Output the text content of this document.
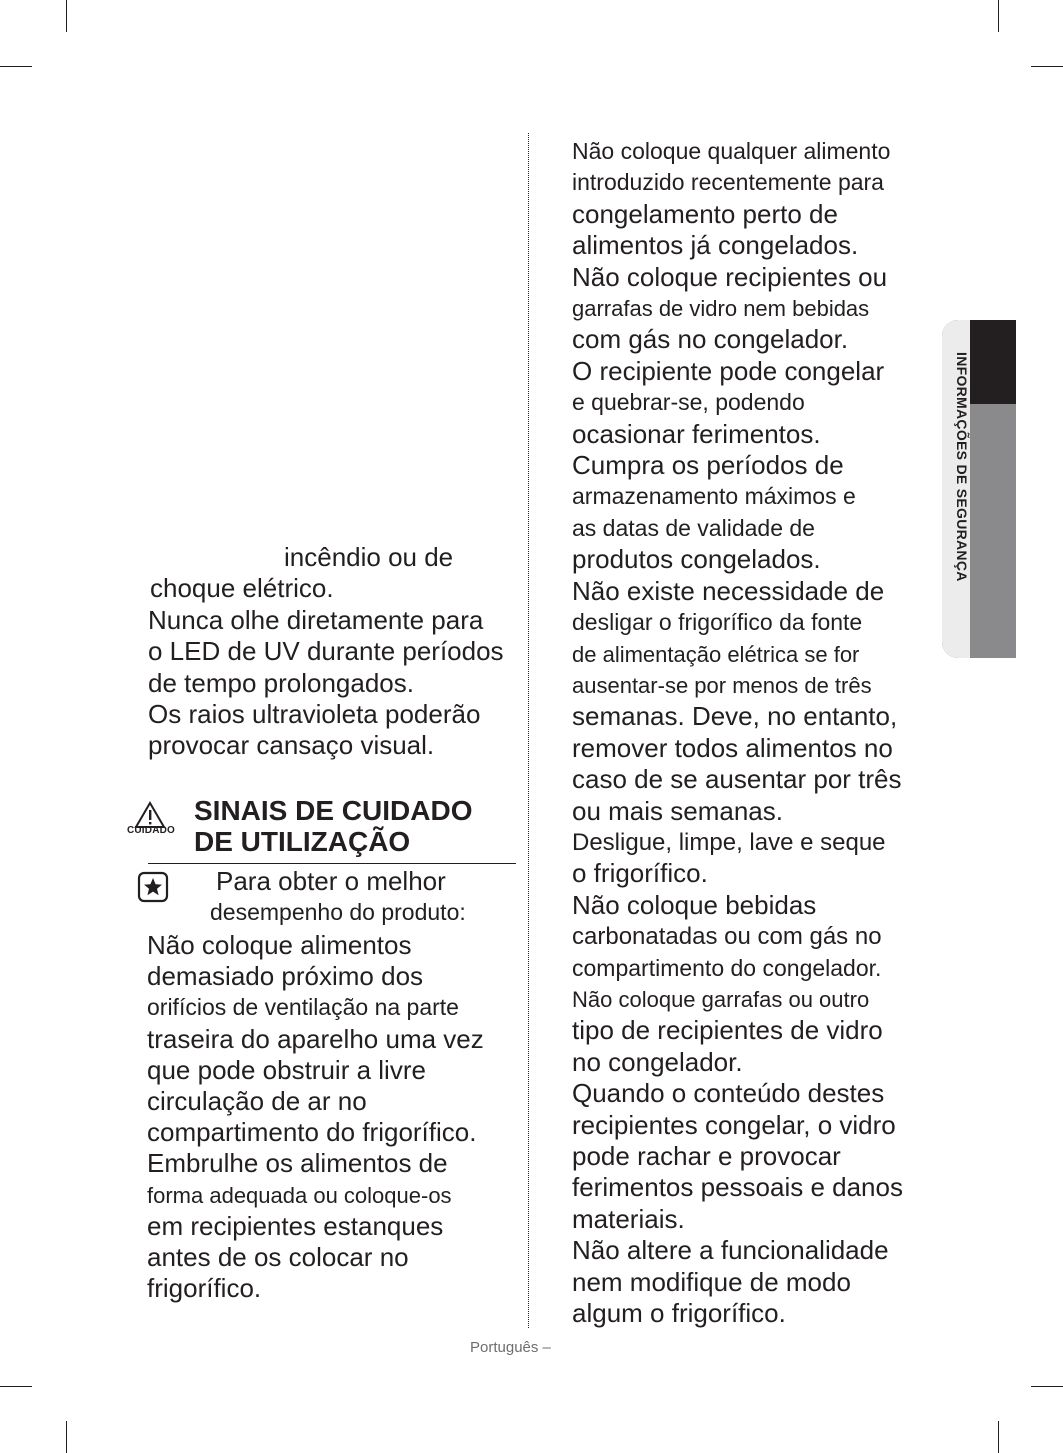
incêndio ou de
choque elétrico.
Nunca olhe diretamente para
o LED de UV durante períodos
de tempo prolongados.
Os raios ultravioleta poderão
provocar cansaço visual.
CUIDADO
SINAIS DE CUIDADO
DE UTILIZAÇÃO
Para obter o melhor
desempenho do produto:
Não coloque alimentos
demasiado próximo dos
orifícios de ventilação na parte
traseira do aparelho uma vez
que pode obstruir a livre
circulação de ar no
compartimento do frigorífico.
Embrulhe os alimentos de
forma adequada ou coloque-os
em recipientes estanques
antes de os colocar no
frigorífico.
Não coloque qualquer alimento
introduzido recentemente para
congelamento perto de
alimentos já congelados.
Não coloque recipientes ou
garrafas de vidro nem bebidas
com gás no congelador.
O recipiente pode congelar
e quebrar-se, podendo
ocasionar ferimentos.
Cumpra os períodos de
armazenamento máximos e
as datas de validade de
produtos congelados.
Não existe necessidade de
desligar o frigorífico da fonte
de alimentação elétrica se for
ausentar-se por menos de três
semanas. Deve, no entanto,
remover todos alimentos no
caso de se ausentar por três
ou mais semanas.
Desligue, limpe, lave e seque
o frigorífico.
Não coloque bebidas
carbonatadas ou com gás no
compartimento do congelador.
Não coloque garrafas ou outro
tipo de recipientes de vidro
no congelador.
Quando o conteúdo destes
recipientes congelar, o vidro
pode rachar e provocar
ferimentos pessoais e danos
materiais.
Não altere a funcionalidade
nem modifique de modo
algum o frigorífico.
INFORMAÇÕES DE SEGURANÇA
Português –
